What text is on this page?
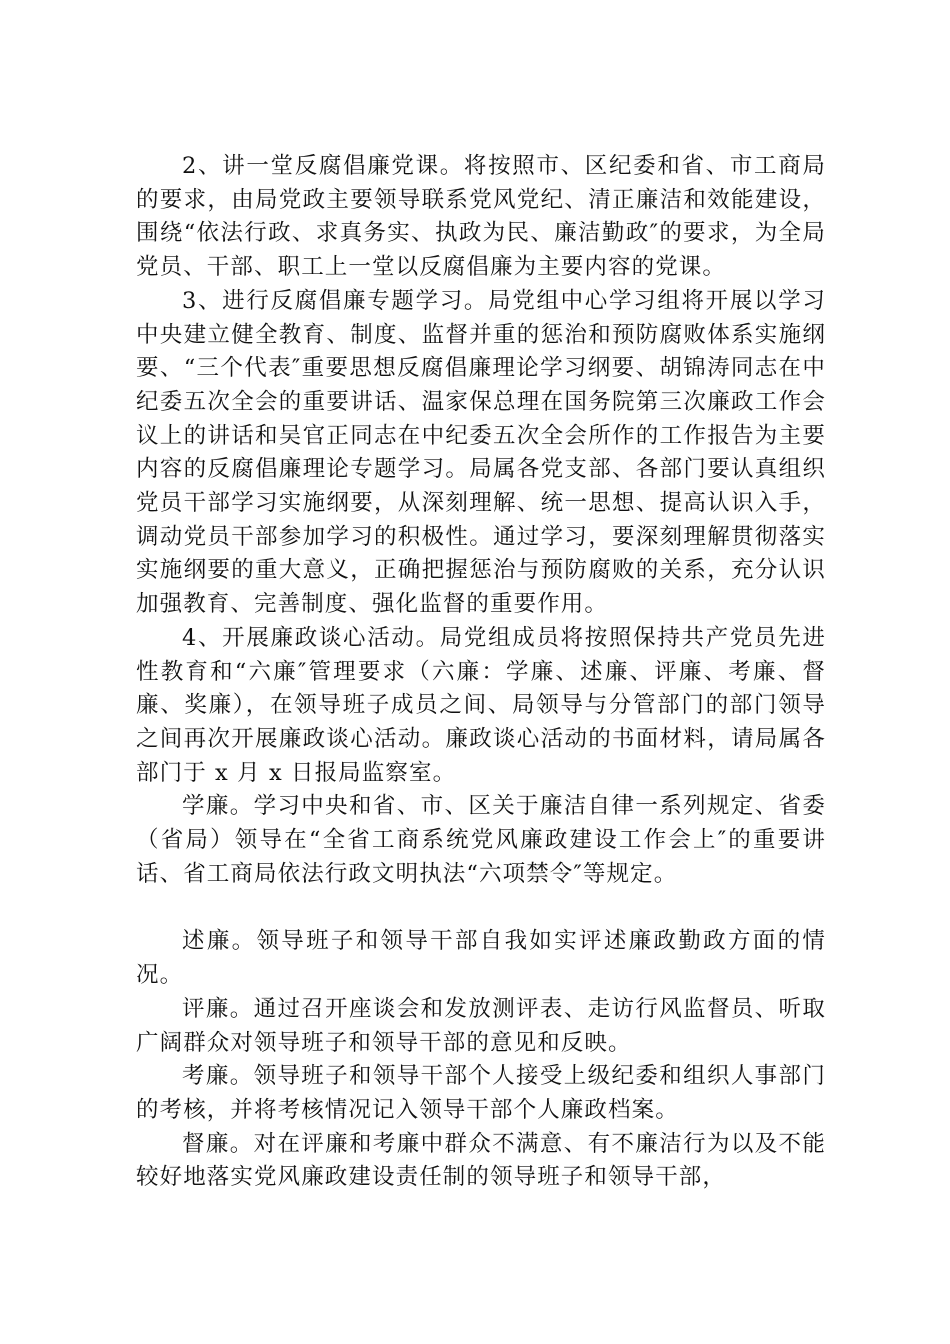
2、讲一堂反腐倡廉党课。将按照市、区纪委和省、市工商局的要求，由局党政主要领导联系党风党纪、清正廉洁和效能建设，围绕“依法行政、求真务实、执政为民、廉洁勤政″的要求，为全局党员、干部、职工上一堂以反腐倡廉为主要内容的党课。

3、进行反腐倡廉专题学习。局党组中心学习组将开展以学习中央建立健全教育、制度、监督并重的惩治和预防腐败体系实施纲要、“三个代表″重要思想反腐倡廉理论学习纲要、胡锦涛同志在中纪委五次全会的重要讲话、温家保总理在国务院第三次廉政工作会议上的讲话和吴官正同志在中纪委五次全会所作的工作报告为主要内容的反腐倡廉理论专题学习。局属各党支部、各部门要认真组织党员干部学习实施纲要，从深刻理解、统一思想、提高认识入手，调动党员干部参加学习的积极性。通过学习，要深刻理解贯彻落实实施纲要的重大意义，正确把握惩治与预防腐败的关系，充分认识加强教育、完善制度、强化监督的重要作用。

4、开展廉政谈心活动。局党组成员将按照保持共产党员先进性教育和“六廉″管理要求（六廉：学廉、述廉、评廉、考廉、督廉、奖廉），在领导班子成员之间、局领导与分管部门的部门领导之间再次开展廉政谈心活动。廉政谈心活动的书面材料，请局属各部门于 x 月 x 日报局监察室。

学廉。学习中央和省、市、区关于廉洁自律一系列规定、省委（省局）领导在“全省工商系统党风廉政建设工作会上″的重要讲话、省工商局依法行政文明执法“六项禁令″等规定。

述廉。领导班子和领导干部自我如实评述廉政勤政方面的情况。

评廉。通过召开座谈会和发放测评表、走访行风监督员、听取广阔群众对领导班子和领导干部的意见和反映。

考廉。领导班子和领导干部个人接受上级纪委和组织人事部门的考核，并将考核情况记入领导干部个人廉政档案。

督廉。对在评廉和考廉中群众不满意、有不廉洁行为以及不能较好地落实党风廉政建设责任制的领导班子和领导干部，
